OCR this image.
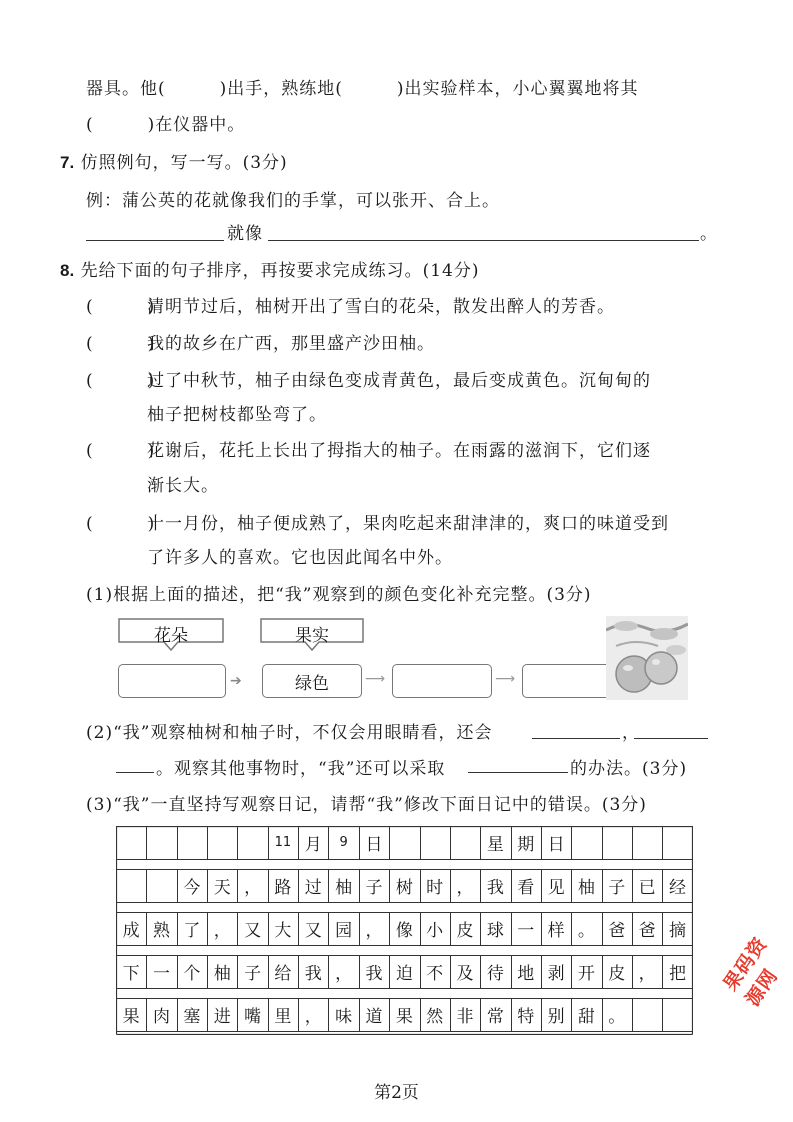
器具。他(　　　)出手，熟练地(　　　)出实验样本，小心翼翼地将其
(　　　)在仪器中。
7. 仿照例句，写一写。(3分)
例：蒲公英的花就像我们的手掌，可以张开、合上。
就像	。
8. 先给下面的句子排序，再按要求完成练习。(14分)
(　　　)
清明节过后，柚树开出了雪白的花朵，散发出醉人的芳香。
(　　　)
我的故乡在广西，那里盛产沙田柚。
(　　　)
过了中秋节，柚子由绿色变成青黄色，最后变成黄色。沉甸甸的
柚子把树枝都坠弯了。
(　　　)
花谢后，花托上长出了拇指大的柚子。在雨露的滋润下，它们逐
渐长大。
(　　　)
十一月份，柚子便成熟了，果肉吃起来甜津津的，爽口的味道受到
了许多人的喜欢。它也因此闻名中外。
(1)根据上面的描述，把“我”观察到的颜色变化补充完整。(3分)
花朵	果实
➔	绿色	⟶	⟶
(2)“我”观察柚树和柚子时，不仅会用眼睛看，还会	，
。观察其他事物时，“我”还可以采取	的办法。(3分)
(3)“我”一直坚持写观察日记，请帮“我”修改下面日记中的错误。(3分)
11 月	9	日	星 期 日
今 天 ， 路 过 柚 子 树 时 ， 我 看 见 柚 子 已 经
成 熟 了 ， 又 大 又 园 ， 像 小 皮 球 一 样 。 爸 爸 摘
下 一 个 柚 子 给 我 ， 我 迫 不 及 待 地 剥 开 皮 ， 把
果 肉 塞 进 嘴 里 ， 味 道 果 然 非 常 特 别 甜 。
果码资源网
第2页
